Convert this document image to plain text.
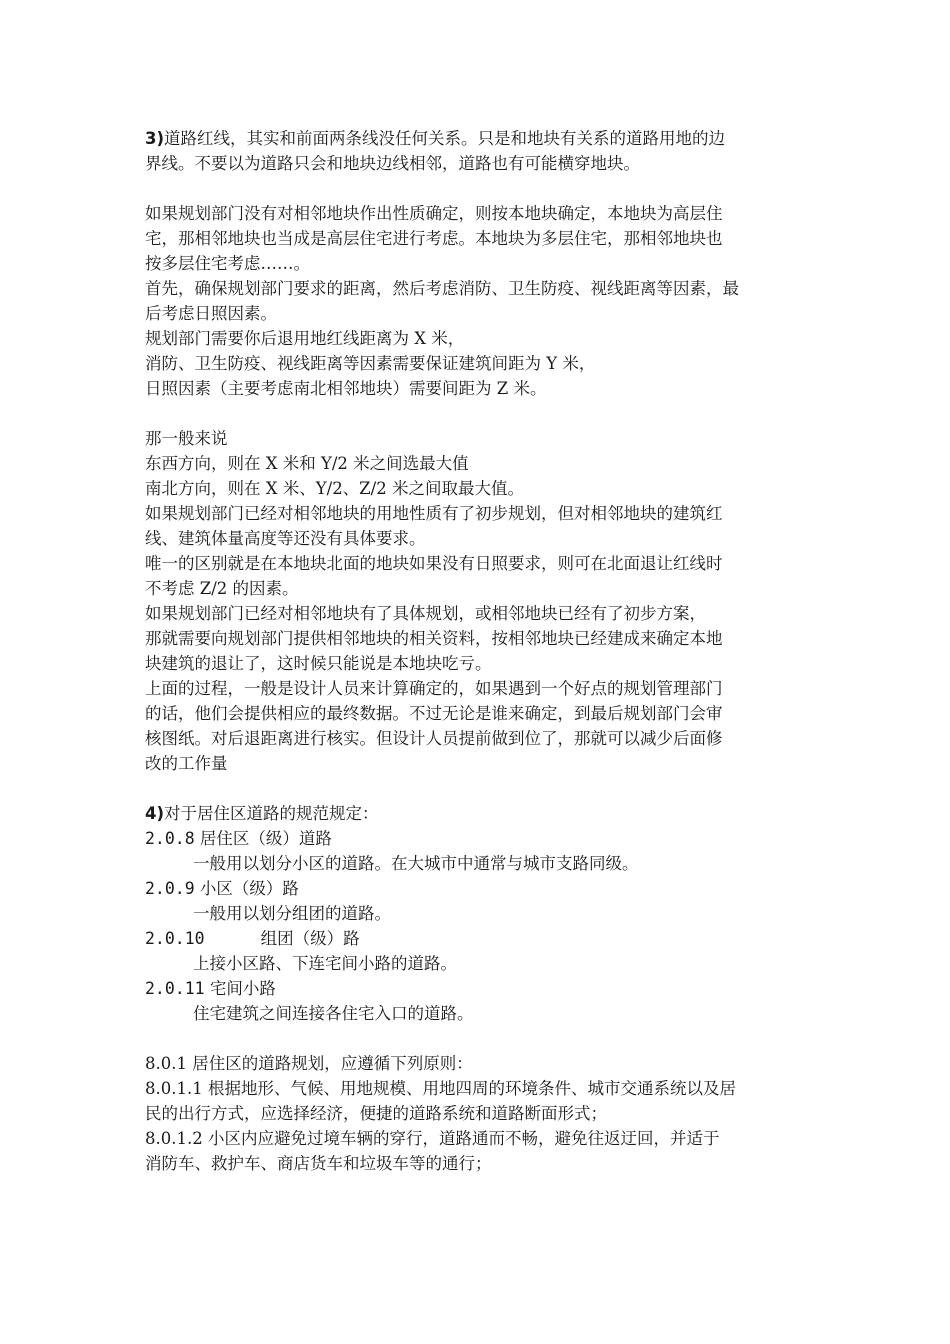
3)道路红线，其实和前面两条线没任何关系。只是和地块有关系的道路用地的边
界线。不要以为道路只会和地块边线相邻，道路也有可能横穿地块。
如果规划部门没有对相邻地块作出性质确定，则按本地块确定，本地块为高层住
宅，那相邻地块也当成是高层住宅进行考虑。本地块为多层住宅，那相邻地块也
按多层住宅考虑……。
首先，确保规划部门要求的距离，然后考虑消防、卫生防疫、视线距离等因素，最
后考虑日照因素。
规划部门需要你后退用地红线距离为 X 米，
消防、卫生防疫、视线距离等因素需要保证建筑间距为 Y 米，
日照因素（主要考虑南北相邻地块）需要间距为 Z 米。
那一般来说
东西方向，则在 X 米和 Y/2 米之间选最大值
南北方向，则在 X 米、Y/2、Z/2 米之间取最大值。
如果规划部门已经对相邻地块的用地性质有了初步规划，但对相邻地块的建筑红
线、建筑体量高度等还没有具体要求。
唯一的区别就是在本地块北面的地块如果没有日照要求，则可在北面退让红线时
不考虑 Z/2 的因素。
如果规划部门已经对相邻地块有了具体规划，或相邻地块已经有了初步方案，
那就需要向规划部门提供相邻地块的相关资料，按相邻地块已经建成来确定本地
块建筑的退让了，这时候只能说是本地块吃亏。
上面的过程，一般是设计人员来计算确定的，如果遇到一个好点的规划管理部门
的话，他们会提供相应的最终数据。不过无论是谁来确定，到最后规划部门会审
核图纸。对后退距离进行核实。但设计人员提前做到位了，那就可以减少后面修
改的工作量
4)对于居住区道路的规范规定：
2.0.8 居住区（级）道路
一般用以划分小区的道路。在大城市中通常与城市支路同级。
2.0.9 小区（级）路
一般用以划分组团的道路。
2.0.10	组团（级）路
上接小区路、下连宅间小路的道路。
2.0.11 宅间小路
住宅建筑之间连接各住宅入口的道路。
8.0.1 居住区的道路规划，应遵循下列原则：
8.0.1.1 根据地形、气候、用地规模、用地四周的环境条件、城市交通系统以及居
民的出行方式，应选择经济，便捷的道路系统和道路断面形式；
8.0.1.2 小区内应避免过境车辆的穿行，道路通而不畅，避免往返迂回，并适于
消防车、救护车、商店货车和垃圾车等的通行；
